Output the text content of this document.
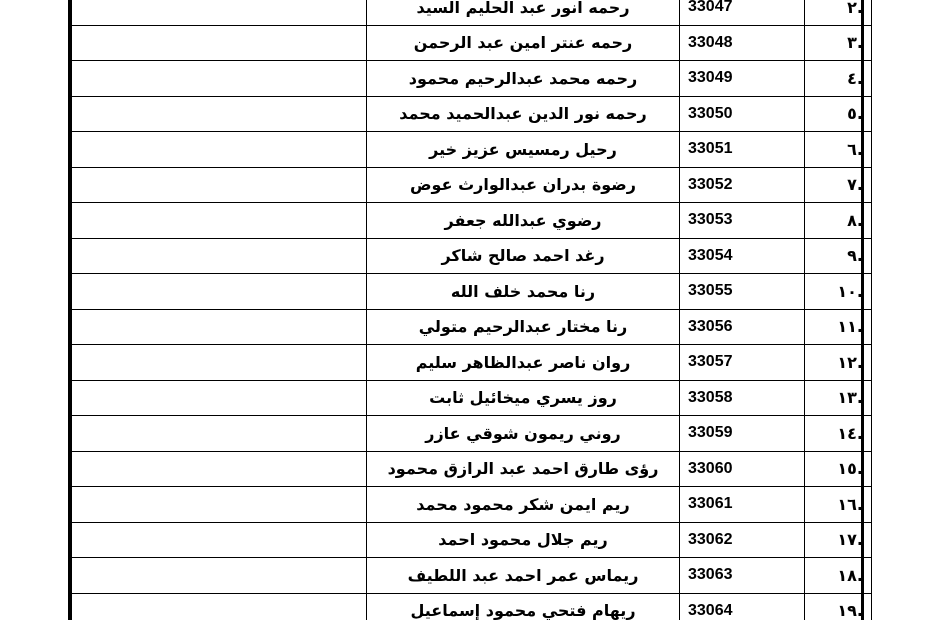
	رحمه انور عبد الحليم السيد	33047	.٢
	رحمه عنتر امين عبد الرحمن	33048	.٣
	رحمه محمد عبدالرحيم محمود	33049	.٤
	رحمه نور الدين عبدالحميد محمد	33050	.٥
	رحيل رمسيس عزيز خير	33051	.٦
	رضوة بدران عبدالوارث عوض	33052	.٧
	رضوي عبدالله جعفر	33053	.٨
	رغد احمد صالح شاكر	33054	.٩
	رنا محمد خلف الله	33055	.١٠
	رنا مختار عبدالرحيم متولي	33056	.١١
	روان ناصر عبدالظاهر سليم	33057	.١٢
	روز يسري ميخائيل ثابت	33058	.١٣
	روني ريمون شوقي عازر	33059	.١٤
	رؤى طارق احمد عبد الرازق محمود	33060	.١٥
	ريم ايمن شكر محمود محمد	33061	.١٦
	ريم جلال محمود احمد	33062	.١٧
	ريماس عمر احمد عبد اللطيف	33063	.١٨
	ريهام فتحي محمود إسماعيل	33064	.١٩
